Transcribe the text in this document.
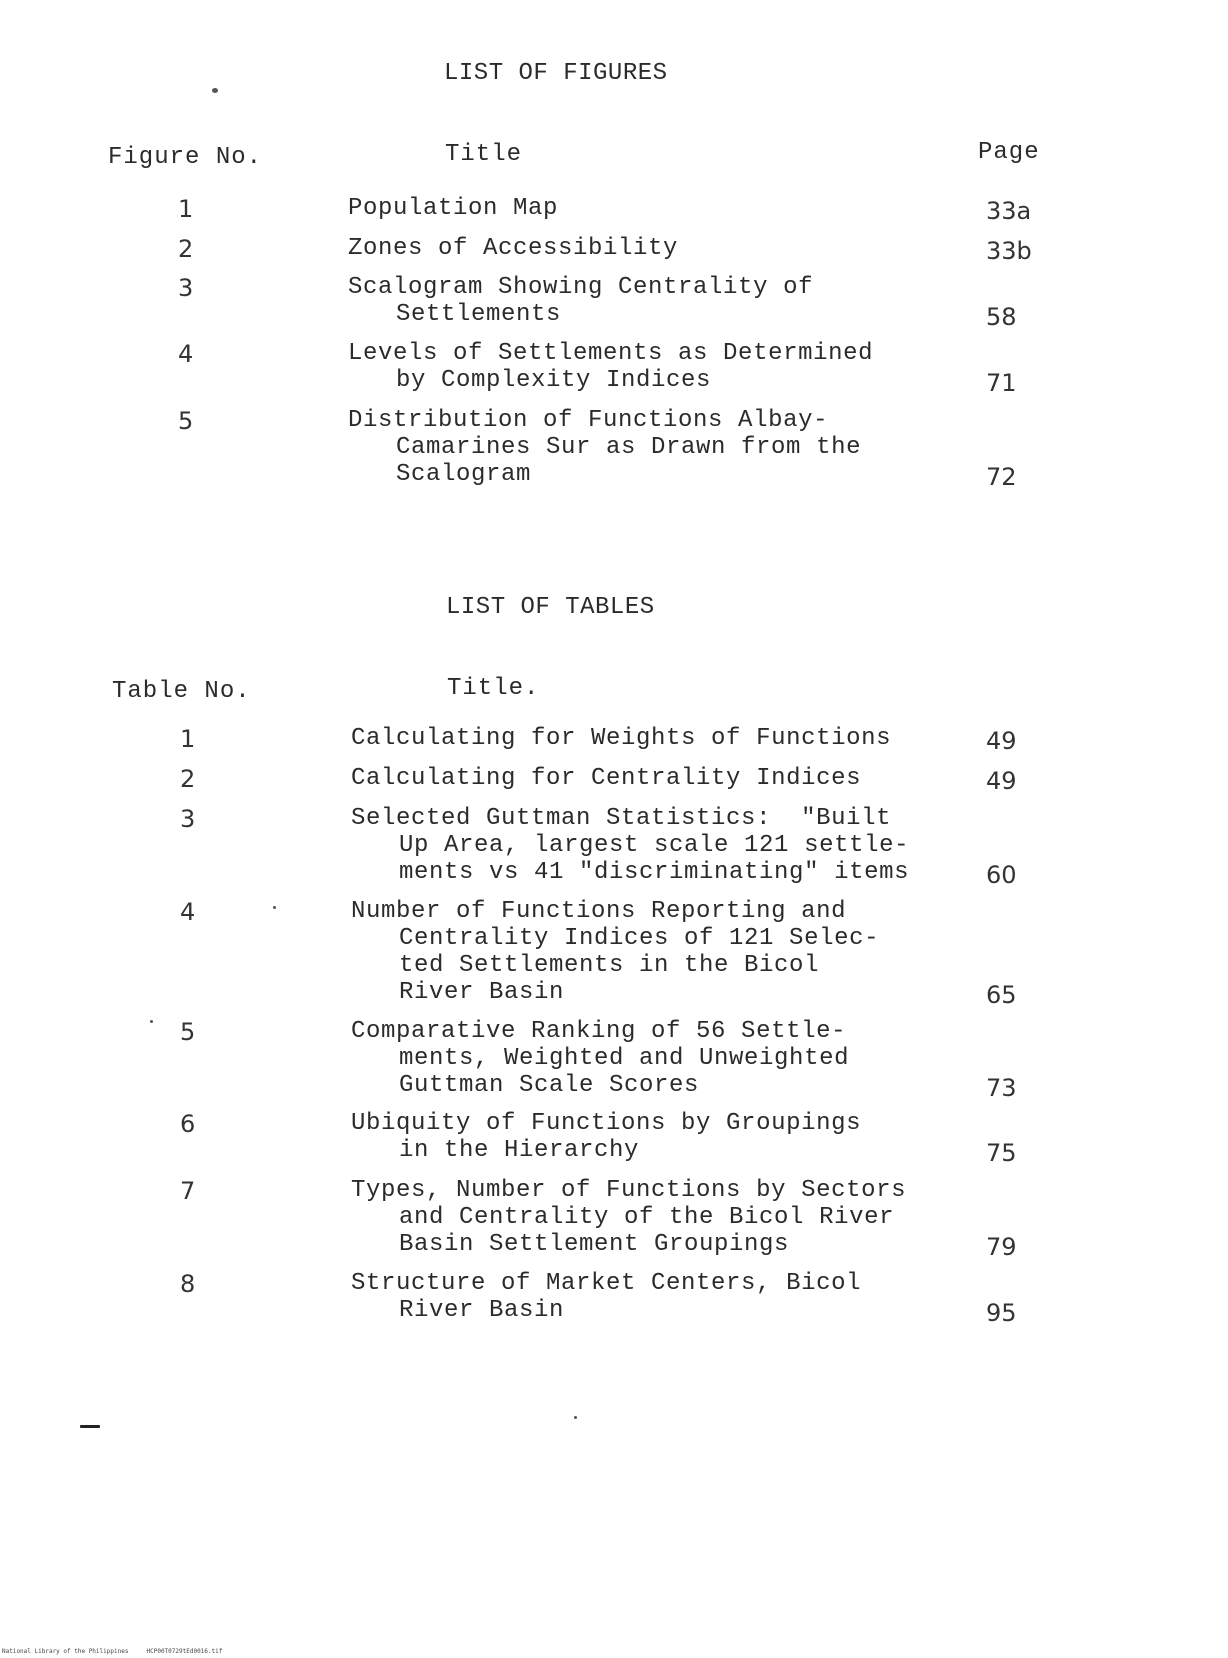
LIST OF FIGURES
Figure No.	Title	Page
1	Population Map	33a
2	Zones of Accessibility	33b
3	Scalogram Showing Centrality of
Settlements	58
4	Levels of Settlements as Determined
by Complexity Indices	71
5	Distribution of Functions Albay-
Camarines Sur as Drawn from the
Scalogram	72
LIST OF TABLES
Table No.	Title.
1	Calculating for Weights of Functions	49
2	Calculating for Centrality Indices	49
3	Selected Guttman Statistics:  "Built
Up Area, largest scale 121 settle-
ments vs 41 "discriminating" items	60
4	Number of Functions Reporting and
Centrality Indices of 121 Selec-
ted Settlements in the Bicol
River Basin	65
5	Comparative Ranking of 56 Settle-
ments, Weighted and Unweighted
Guttman Scale Scores	73
6	Ubiquity of Functions by Groupings
in the Hierarchy	75
7	Types, Number of Functions by Sectors
and Centrality of the Bicol River
Basin Settlement Groupings	79
8	Structure of Market Centers, Bicol
River Basin	95
National Library of the Philippines     HCP00T0729tEd0016.tif
